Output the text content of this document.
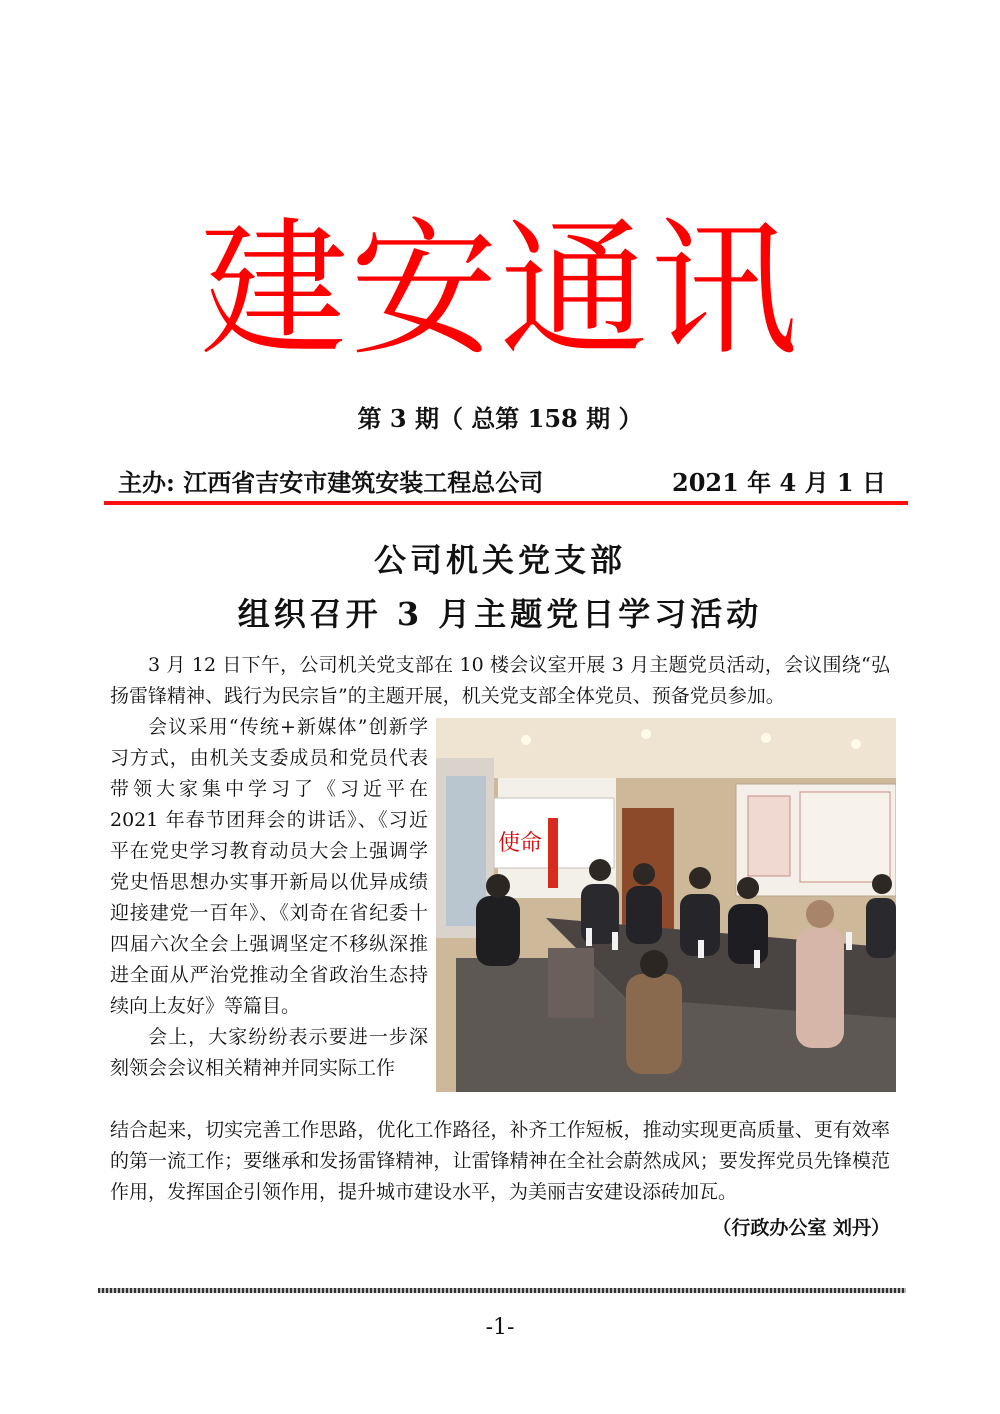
建安通讯
第 3 期（ 总第 158 期 ）
主办: 江西省吉安市建筑安装工程总公司	2021 年 4 月 1 日
公司机关党支部
组织召开 3 月主题党日学习活动

3 月 12 日下午，公司机关党支部在 10 楼会议室开展 3 月主题党员活动，会议围绕“弘扬雷锋精神、践行为民宗旨”的主题开展，机关党支部全体党员、预备党员参加。

会议采用“传统+新媒体”创新学习方式，由机关支委成员和党员代表带领大家集中学习了《习近平在 2021 年春节团拜会的讲话》、《习近平在党史学习教育动员大会上强调学党史悟思想办实事开新局以优异成绩迎接建党一百年》、《刘奇在省纪委十四届六次全会上强调坚定不移纵深推进全面从严治党推动全省政治生态持续向上友好》等篇目。

会上，大家纷纷表示要进一步深刻领会会议相关精神并同实际工作

结合起来，切实完善工作思路，优化工作路径，补齐工作短板，推动实现更高质量、更有效率的第一流工作；要继承和发扬雷锋精神，让雷锋精神在全社会蔚然成风；要发挥党员先锋模范作用，发挥国企引领作用，提升城市建设水平，为美丽吉安建设添砖加瓦。

使命
（行政办公室 刘丹）
-1-
